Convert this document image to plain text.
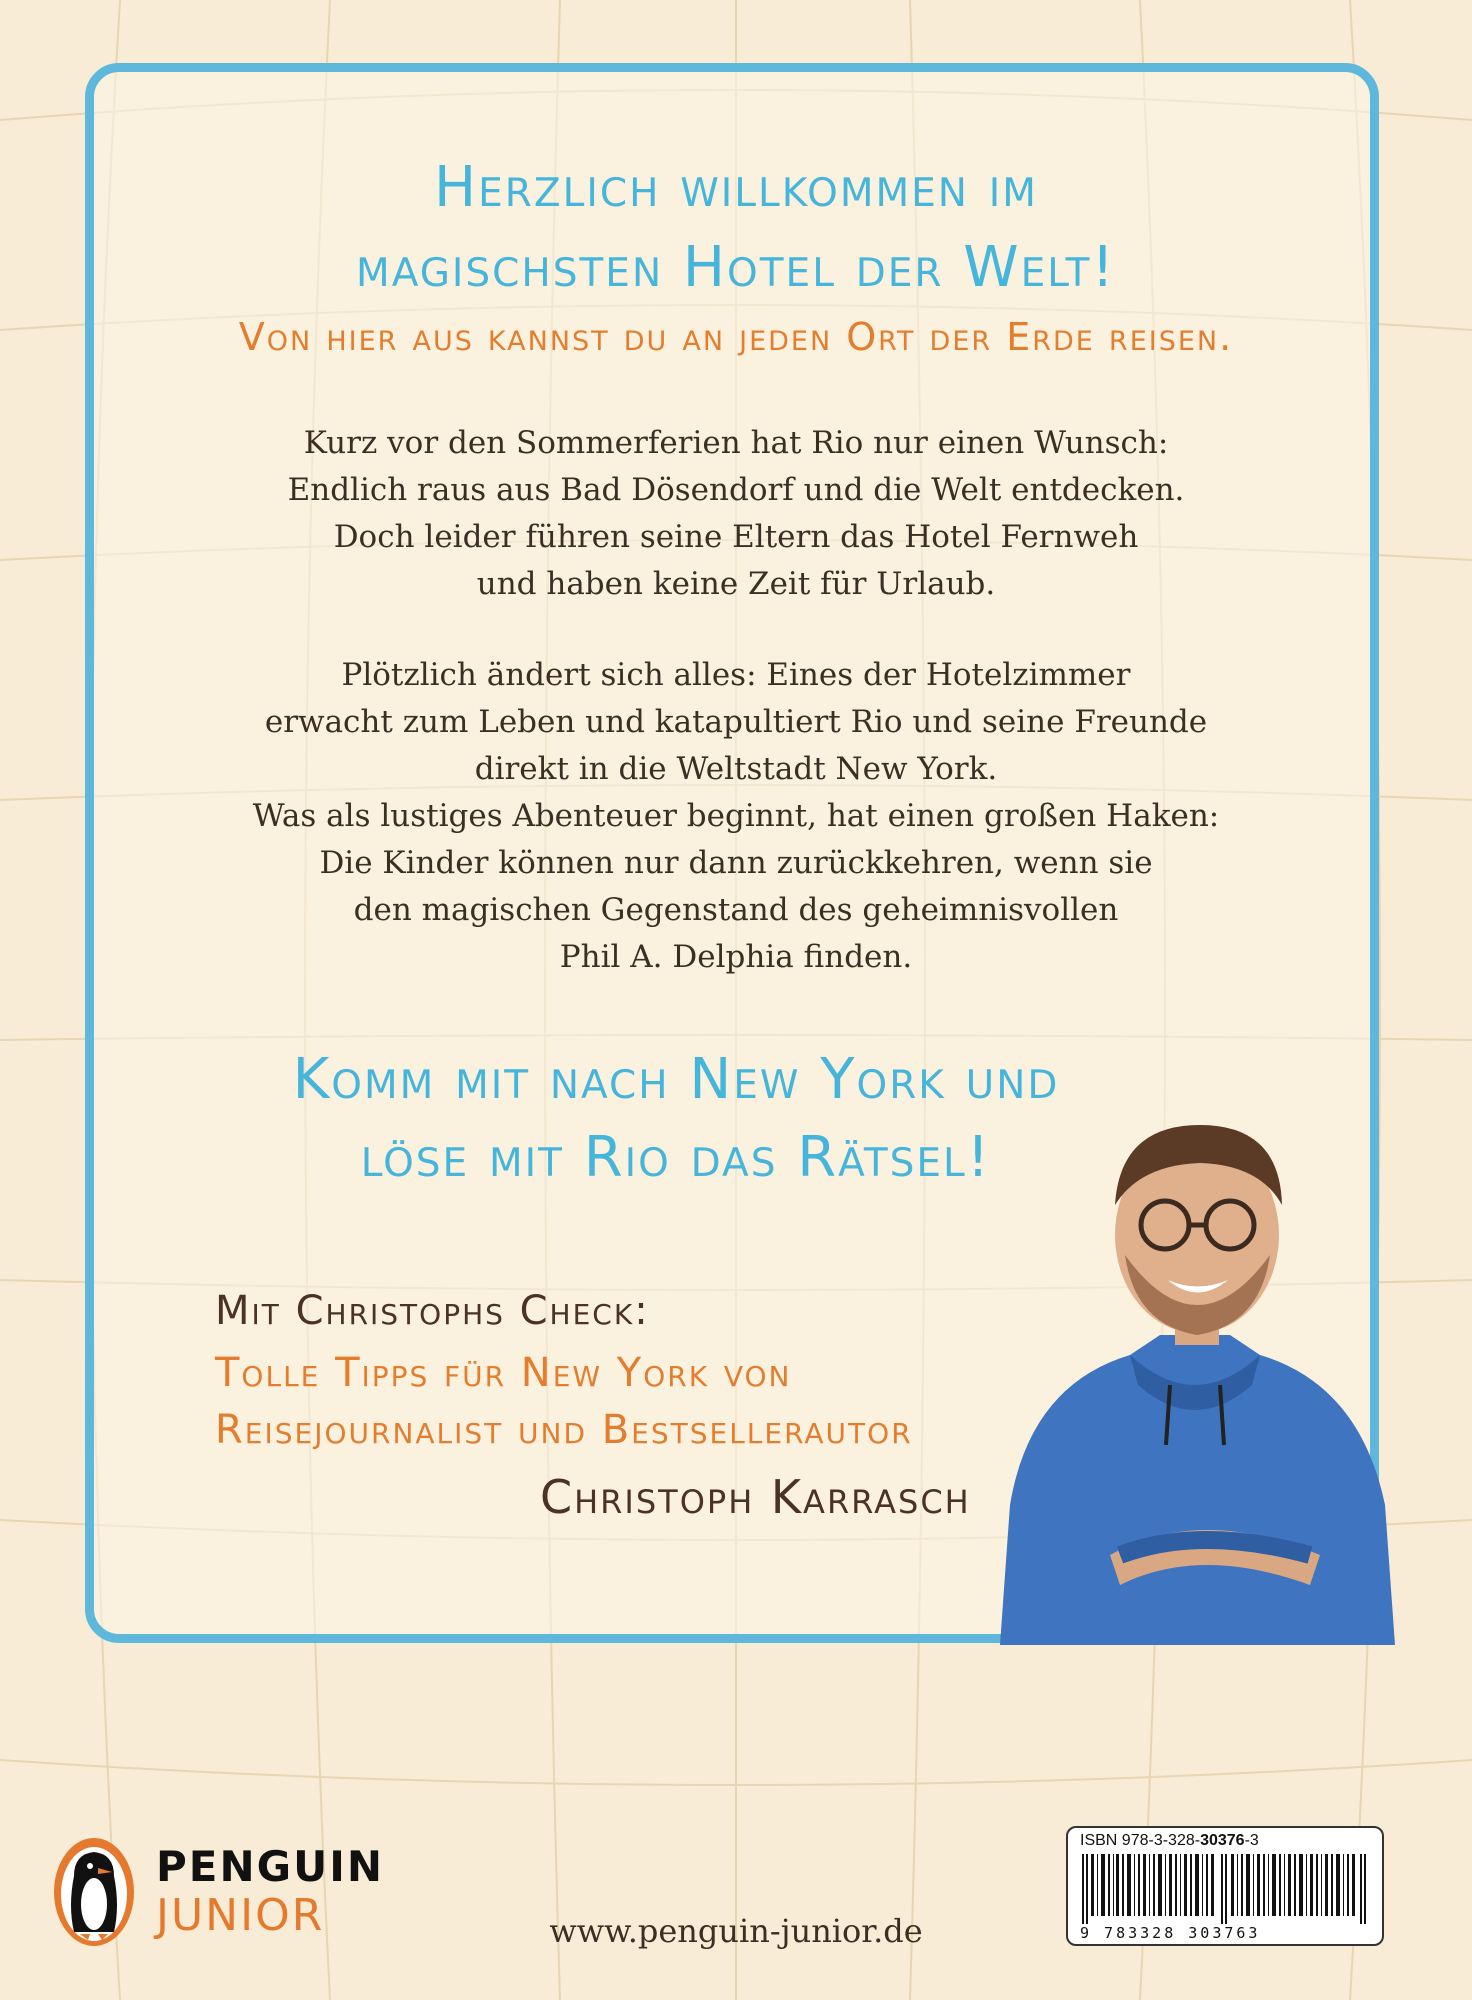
Herzlich willkommen im
magischsten Hotel der Welt!

Von hier aus kannst du an jeden Ort der Erde reisen.

Kurz vor den Sommerferien hat Rio nur einen Wunsch:

Endlich raus aus Bad Dösendorf und die Welt entdecken.

Doch leider führen seine Eltern das Hotel Fernweh

und haben keine Zeit für Urlaub.

Plötzlich ändert sich alles: Eines der Hotelzimmer

erwacht zum Leben und katapultiert Rio und seine Freunde

direkt in die Weltstadt New York.

Was als lustiges Abenteuer beginnt, hat einen großen Haken:

Die Kinder können nur dann zurückkehren, wenn sie

den magischen Gegenstand des geheimnisvollen

Phil A. Delphia finden.

Komm mit nach New York und
löse mit Rio das Rätsel!

Mit Christophs Check:

Tolle Tipps für New York von
Reisejournalist und Bestsellerautor

Christoph Karrasch

PENGUIN
JUNIOR	www.penguin-junior.de

ISBN 978-3-328-30376-3
9 783328 303763
